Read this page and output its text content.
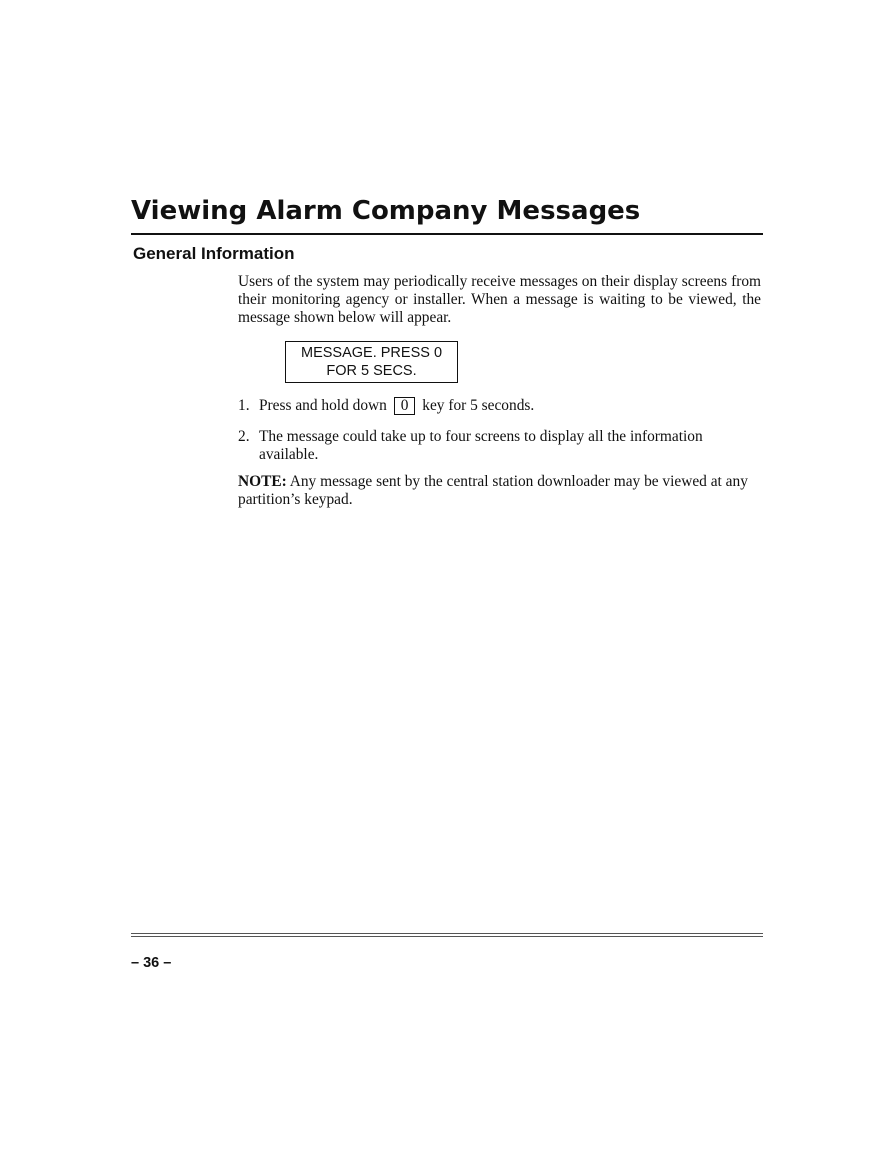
Viewing Alarm Company Messages
General Information

Users of the system may periodically receive messages on their display screens from their monitoring agency or installer. When a message is waiting to be viewed, the message shown below will appear.

MESSAGE. PRESS 0
FOR 5 SECS.
1. Press and hold down 0 key for 5 seconds.
2. The message could take up to four screens to display all the information available.

NOTE: Any message sent by the central station downloader may be viewed at any partition’s keypad.

– 36 –
